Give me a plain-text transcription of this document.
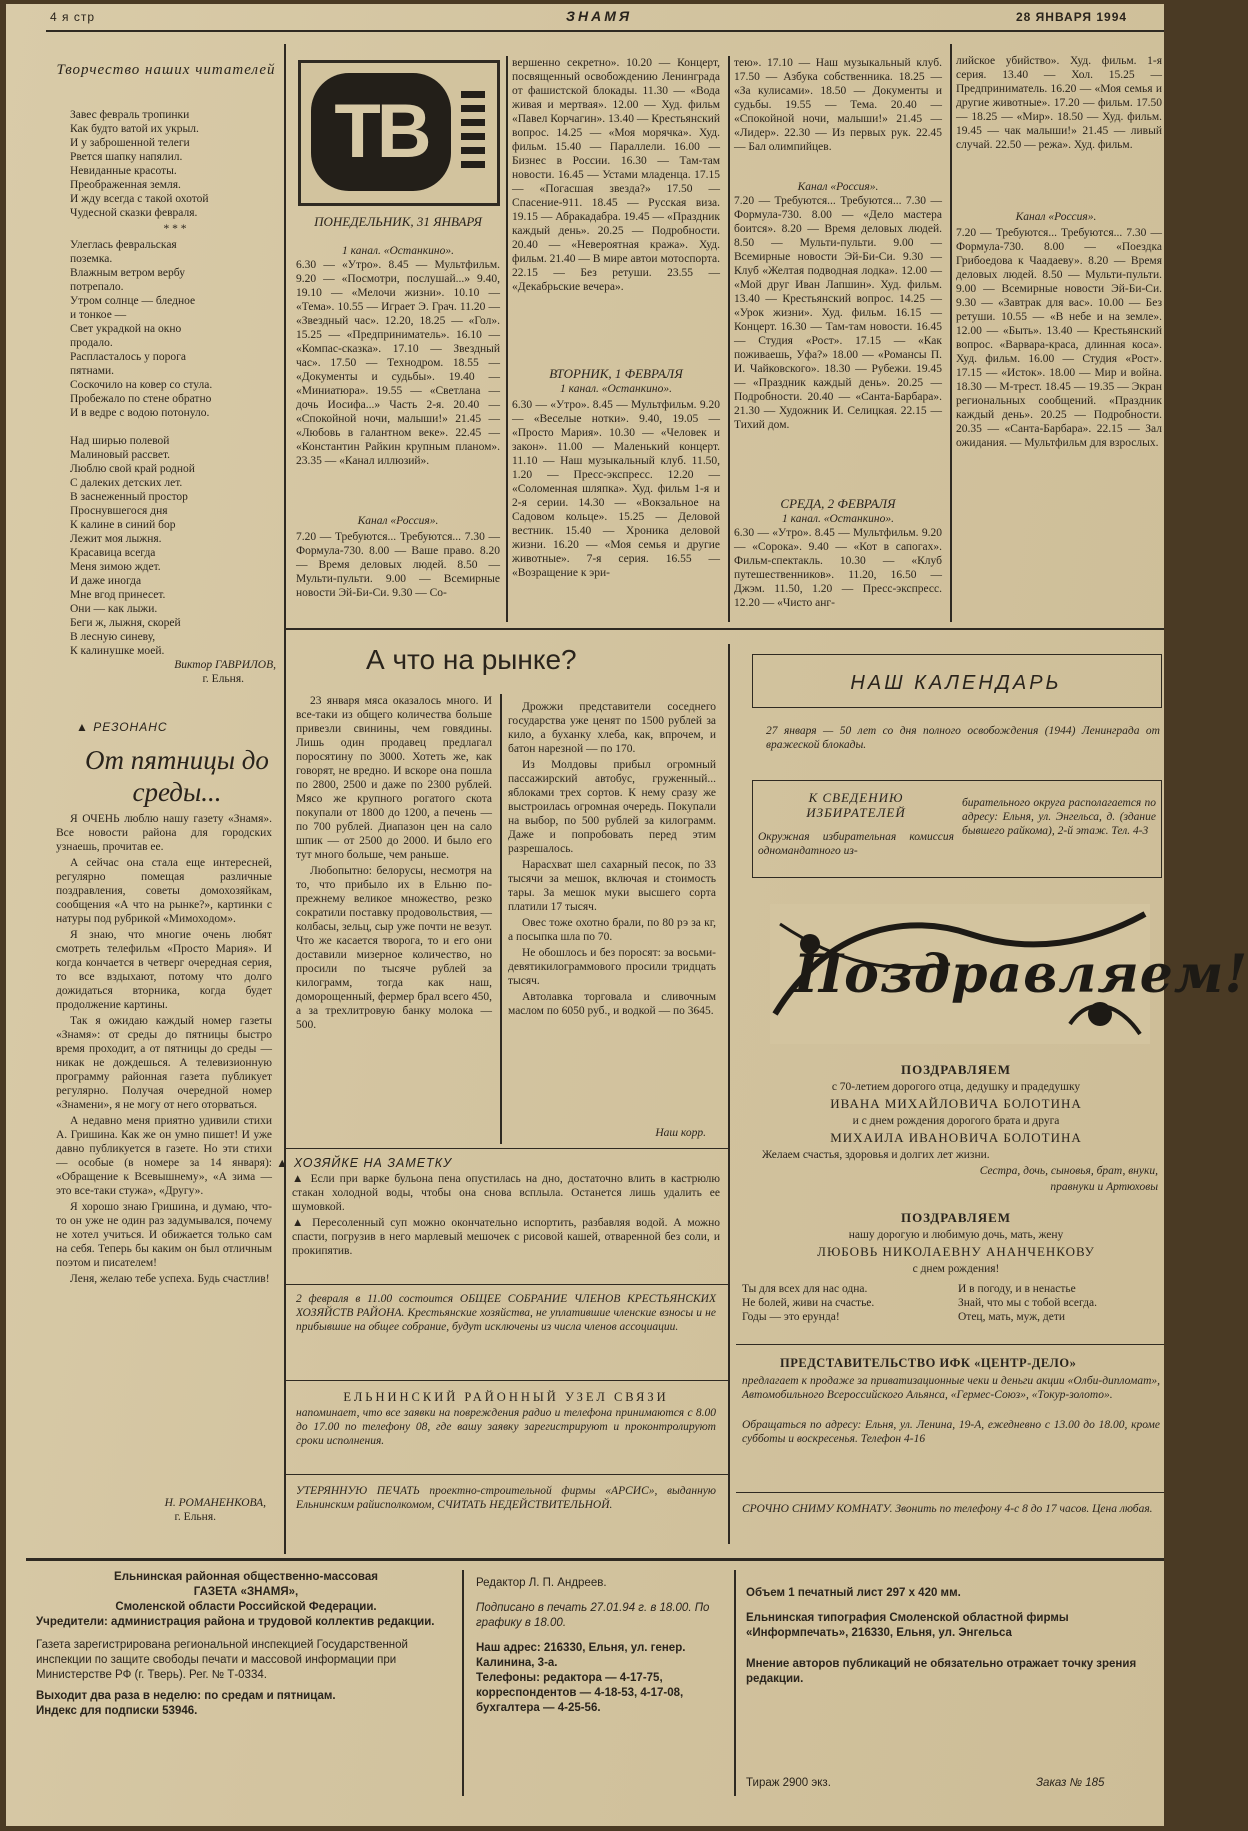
4 я стр	ЗНАМЯ	28 ЯНВАРЯ 1994
Творчество наших читателей

Завес февраль тропинки

Как будто ватой их укрыл.

И у заброшенной телеги

Рвется шапку напялил.

Невиданные красоты.

Преображенная земля.

И жду всегда с такой охотой

Чудесной сказки февраля.

* * *

Улеглась февральская

поземка.

Влажным ветром вербу

потрепало.

Утром солнце — бледное

и тонкое —

Свет украдкой на окно

продало.

Распласталось у порога

пятнами.

Соскочило на ковер со стула.

Пробежало по стене обратно

И в ведре с водою потонуло.

Над ширью полевой

Малиновый рассвет.

Люблю свой край родной

С далеких детских лет.

В заснеженный простор

Проснувшегося дня

К калине в синий бор

Лежит моя лыжня.

Красавица всегда

Меня зимою ждет.

И даже иногда

Мне вгод принесет.

Они — как лыжи.

Беги ж, лыжня, скорей

В лесную синеву,

К калинушке моей.

Виктор ГАВРИЛОВ,
г. Ельня.
▲ РЕЗОНАНС
От пятницы до среды...

Я ОЧЕНЬ люблю нашу газету «Знамя». Все новости района для городских узнаешь, прочитав ее.

А сейчас она стала еще интересней, регулярно помещая различные поздравления, советы домохозяйкам, сообщения «А что на рынке?», картинки с натуры под рубрикой «Мимоходом».

Я знаю, что многие очень любят смотреть телефильм «Просто Мария». И когда кончается в четверг очередная серия, то все вздыхают, потому что долго дожидаться вторника, когда будет продолжение картины.

Так я ожидаю каждый номер газеты «Знамя»: от среды до пятницы быстро время проходит, а от пятницы до среды — никак не дождешься. А телевизионную программу районная газета публикует регулярно. Получая очередной номер «Знамени», я не могу от него оторваться.

А недавно меня приятно удивили стихи А. Гришина. Как же он умно пишет! И уже давно публикуется в газете. Но эти стихи — особые (в номере за 14 января): «Обращение к Всевышнему», «А зима — это все-таки стужа», «Другу».

Я хорошо знаю Гришина, и думаю, что-то он уже не один раз задумывался, почему не хотел учиться. И обижается только сам на себя. Теперь бы каким он был отличным поэтом и писателем!

Леня, желаю тебе успеха. Будь счастлив!

Н. РОМАНЕНКОВА,
г. Ельня.
ТВ
ПОНЕДЕЛЬНИК, 31 ЯНВАРЯ
1 канал. «Останкино».
6.30 — «Утро». 8.45 — Мультфильм. 9.20 — «Посмотри, послушай...» 9.40, 19.10 — «Мелочи жизни». 10.10 — «Тема». 10.55 — Играет Э. Грач. 11.20 — «Звездный час». 12.20, 18.25 — «Гол». 15.25 — «Предприниматель». 16.10 — «Компас-сказка». 17.10 — Звездный час». 17.50 — Технодром. 18.55 — «Документы и судьбы». 19.40 — «Миниатюра». 19.55 — «Светлана — дочь Иосифа...» Часть 2-я. 20.40 — «Спокойной ночи, малыши!» 21.45 — «Любовь в галантном веке». 22.45 — «Константин Райкин крупным планом». 23.35 — «Канал иллюзий».
Канал «Россия».
7.20 — Требуются... Требуются... 7.30 — Формула-730. 8.00 — Ваше право. 8.20 — Время деловых людей. 8.50 — Мульти-пульти. 9.00 — Всемирные новости Эй-Би-Си. 9.30 — Со-
вершенно секретно». 10.20 — Концерт, посвященный освобождению Ленинграда от фашистской блокады. 11.30 — «Вода живая и мертвая». 12.00 — Худ. фильм «Павел Корчагин». 13.40 — Крестьянский вопрос. 14.25 — «Моя морячка». Худ. фильм. 15.40 — Параллели. 16.00 — Бизнес в России. 16.30 — Там-там новости. 16.45 — Устами младенца. 17.15 — «Погасшая звезда?» 17.50 — Спасение-911. 18.45 — Русская виза. 19.15 — Абракадабра. 19.45 — «Праздник каждый день». 20.25 — Подробности. 20.40 — «Невероятная кража». Худ. фильм. 21.40 — В мире автои мотоспорта. 22.15 — Без ретуши. 23.55 — «Декабрьские вечера».
ВТОРНИК, 1 ФЕВРАЛЯ
1 канал. «Останкино».
6.30 — «Утро». 8.45 — Мультфильм. 9.20 — «Веселые нотки». 9.40, 19.05 — «Просто Мария». 10.30 — «Человек и закон». 11.00 — Маленький концерт. 11.10 — Наш музыкальный клуб. 11.50, 1.20 — Пресс-экспресс. 12.20 — «Соломенная шляпка». Худ. фильм 1-я и 2-я серии. 14.30 — «Вокзальное на Садовом кольце». 15.25 — Деловой вестник. 15.40 — Хроника деловой жизни. 16.20 — «Моя семья и другие животные». 7-я серия. 16.55 — «Возращение к эри-
тею». 17.10 — Наш музыкальный клуб. 17.50 — Азбука собственника. 18.25 — «За кулисами». 18.50 — Документы и судьбы. 19.55 — Тема. 20.40 — «Спокойной ночи, малыши!» 21.45 — «Лидер». 22.30 — Из первых рук. 22.45 — Бал олимпийцев.
Канал «Россия».
7.20 — Требуются... Требуются... 7.30 — Формула-730. 8.00 — «Дело мастера боится». 8.20 — Время деловых людей. 8.50 — Мульти-пульти. 9.00 — Всемирные новости Эй-Би-Си. 9.30 — Клуб «Желтая подводная лодка». 12.00 — «Мой друг Иван Лапшин». Худ. фильм. 13.40 — Крестьянский вопрос. 14.25 — «Урок жизни». Худ. фильм. 16.15 — Концерт. 16.30 — Там-там новости. 16.45 — Студия «Рост». 17.15 — «Как поживаешь, Уфа?» 18.00 — «Романсы П. И. Чайковского». 18.30 — Рубежи. 19.45 — «Праздник каждый день». 20.25 — Подробности. 20.40 — «Санта-Барбара». 21.30 — Художник И. Селицкая. 22.15 — Тихий дом.
СРЕДА, 2 ФЕВРАЛЯ
1 канал. «Останкино».
6.30 — «Утро». 8.45 — Мультфильм. 9.20 — «Сорока». 9.40 — «Кот в сапогах». Фильм-спектакль. 10.30 — «Клуб путешественников». 11.20, 16.50 — Джэм. 11.50, 1.20 — Пресс-экспресс. 12.20 — «Чисто анг-
лийское убийство». Худ. фильм. 1-я серия. 13.40 — Хол. 15.25 — Предприниматель. 16.20 — «Моя семья и другие животные». 17.20 — фильм. 17.50 — 18.25 — «Мир». 18.50 — Худ. фильм. 19.45 — чак малыши!» 21.45 — ливый случай. 22.50 — режа». Худ. фильм.
Канал «Россия».
7.20 — Требуются... Требуются... 7.30 — Формула-730. 8.00 — «Поездка Грибоедова к Чаадаеву». 8.20 — Время деловых людей. 8.50 — Мульти-пульти. 9.00 — Всемирные новости Эй-Би-Си. 9.30 — «Завтрак для вас». 10.00 — Без ретуши. 10.55 — «В небе и на земле». 12.00 — «Быть». 13.40 — Крестьянский вопрос. «Варвара-краса, длинная коса». Худ. фильм. 16.00 — Студия «Рост». 17.15 — «Исток». 18.00 — Мир и война. 18.30 — М-трест. 18.45 — 19.35 — Экран региональных сообщений. «Праздник каждый день». 20.25 — Подробности. 20.35 — «Санта-Барбара». 22.15 — Зал ожидания. — Мультфильм для взрослых.
А что на рынке?

23 января мяса оказалось много. И все-таки из общего количества больше привезли свинины, чем говядины. Лишь один продавец предлагал поросятину по 3000. Хотеть же, как говорят, не вредно. И вскоре она пошла по 2800, 2500 и даже по 2300 рублей. Мясо же крупного рогатого скота покупали от 1800 до 1200, а печень — по 700 рублей. Диапазон цен на сало шпик — от 2500 до 2000. И было его тут много больше, чем раньше.

Любопытно: белорусы, несмотря на то, что прибыло их в Ельню по-прежнему великое множество, резко сократили поставку продовольствия, — колбасы, зельц, сыр уже почти не везут. Что же касается творога, то и его они доставили мизерное количество, но просили по тысяче рублей за килограмм, тогда как наш, доморощенный, фермер брал всего 450, а за трехлитровую банку молока — 500.

Дрожжи представители соседнего государства уже ценят по 1500 рублей за кило, а буханку хлеба, как, впрочем, и батон нарезной — по 170.

Из Молдовы прибыл огромный пассажирский автобус, груженный... яблоками трех сортов. К нему сразу же выстроилась огромная очередь. Покупали на выбор, по 500 рублей за килограмм. Даже и попробовать перед этим разрешалось.

Нарасхват шел сахарный песок, по 33 тысячи за мешок, включая и стоимость тары. За мешок муки высшего сорта платили 17 тысяч.

Овес тоже охотно брали, по 80 рэ за кг, а посыпка шла по 70.

Не обошлось и без поросят: за восьми-девятикилограммового просили тридцать тысяч.

Автолавка торговала и сливочным маслом по 6050 руб., и водкой — по 3645.

Наш корр.
▲ ХОЗЯЙКЕ НА ЗАМЕТКУ

▲ Если при варке бульона пена опустилась на дно, достаточно влить в кастрюлю стакан холодной воды, чтобы она снова всплыла. Останется лишь удалить ее шумовкой.

▲ Пересоленный суп можно окончательно испортить, разбавляя водой. А можно спасти, погрузив в него марлевый мешочек с рисовой кашей, отваренной без соли, и прокипятив.

2 февраля в 11.00 состоится ОБЩЕЕ СОБРАНИЕ ЧЛЕНОВ КРЕСТЬЯНСКИХ ХОЗЯЙСТВ РАЙОНА. Крестьянские хозяйства, не уплатившие членские взносы и не прибывшие на общее собрание, будут исключены из числа членов ассоциации.
ЕЛЬНИНСКИЙ РАЙОННЫЙ УЗЕЛ СВЯЗИ
напоминает, что все заявки на повреждения радио и телефона принимаются с 8.00 до 17.00 по телефону 08, где вашу заявку зарегистрируют и проконтролируют сроки исполнения.
УТЕРЯННУЮ ПЕЧАТЬ проектно-строительной фирмы «АРСИС», выданную Ельнинским райисполкомом, СЧИТАТЬ НЕДЕЙСТВИТЕЛЬНОЙ.
НАШ КАЛЕНДАРЬ
27 января — 50 лет со дня полного освобождения (1944) Ленинграда от вражеской блокады.
К СВЕДЕНИЮ ИЗБИРАТЕЛЕЙ
Окружная избирательная комиссия одномандатного из-
бирательного округа располагается по адресу: Ельня, ул. Энгельса, д. (здание бывшего райкома), 2-й этаж. Тел. 4-3
Поздравляем!
ПОЗДРАВЛЯЕМ
с 70-летием дорогого отца, дедушку и прадедушку
ИВАНА МИХАЙЛОВИЧА БОЛОТИНА
и с днем рождения дорогого брата и друга
МИХАИЛА ИВАНОВИЧА БОЛОТИНА
Желаем счастья, здоровья и долгих лет жизни.
Сестра, дочь, сыновья, брат, внуки,
правнуки и Артюховы
ПОЗДРАВЛЯЕМ
нашу дорогую и любимую дочь, мать, жену
ЛЮБОВЬ НИКОЛАЕВНУ АНАНЧЕНКОВУ
с днем рождения!
Ты для всех для нас одна.
Не болей, живи на счастье.
Годы — это ерунда!
И в погоду, и в ненастье
Знай, что мы с тобой всегда.
Отец, мать, муж, дети
ПРЕДСТАВИТЕЛЬСТВО ИФК «ЦЕНТР-ДЕЛО»
предлагает к продаже за приватизационные чеки и деньги акции «Олби-дипломат», Автомобильного Всероссийского Альянса, «Гермес-Союз», «Токур-золото».
Обращаться по адресу: Ельня, ул. Ленина, 19-А, ежедневно с 13.00 до 18.00, кроме субботы и воскресенья. Телефон 4-16
СРОЧНО СНИМУ КОМНАТУ. Звонить по телефону 4-с 8 до 17 часов. Цена любая.
Ельнинская районная общественно-массовая
ГАЗЕТА «ЗНАМЯ»,
Смоленской области Российской Федерации.
Учредители: администрация района и трудовой коллектив редакции.
Газета зарегистрирована региональной инспекцией Государственной инспекции по защите свободы печати и массовой информации при Министерстве РФ (г. Тверь). Рег. № Т-0334.
Выходит два раза в неделю: по средам и пятницам.
Индекс для подписки 53946.
Редактор Л. П. Андреев.
Подписано в печать 27.01.94 г. в 18.00. По графику в 18.00.
Наш адрес: 216330, Ельня, ул. генер. Калинина, 3-а.
Телефоны: редактора — 4-17-75, корреспондентов — 4-18-53, 4-17-08, бухгалтера — 4-25-56.
Объем 1 печатный лист 297 x 420 мм.
Ельнинская типография Смоленской областной фирмы «Информпечать», 216330, Ельня, ул. Энгельса
Мнение авторов публикаций не обязательно отражает точку зрения редакции.
Тираж 2900 экз.	Заказ № 185
